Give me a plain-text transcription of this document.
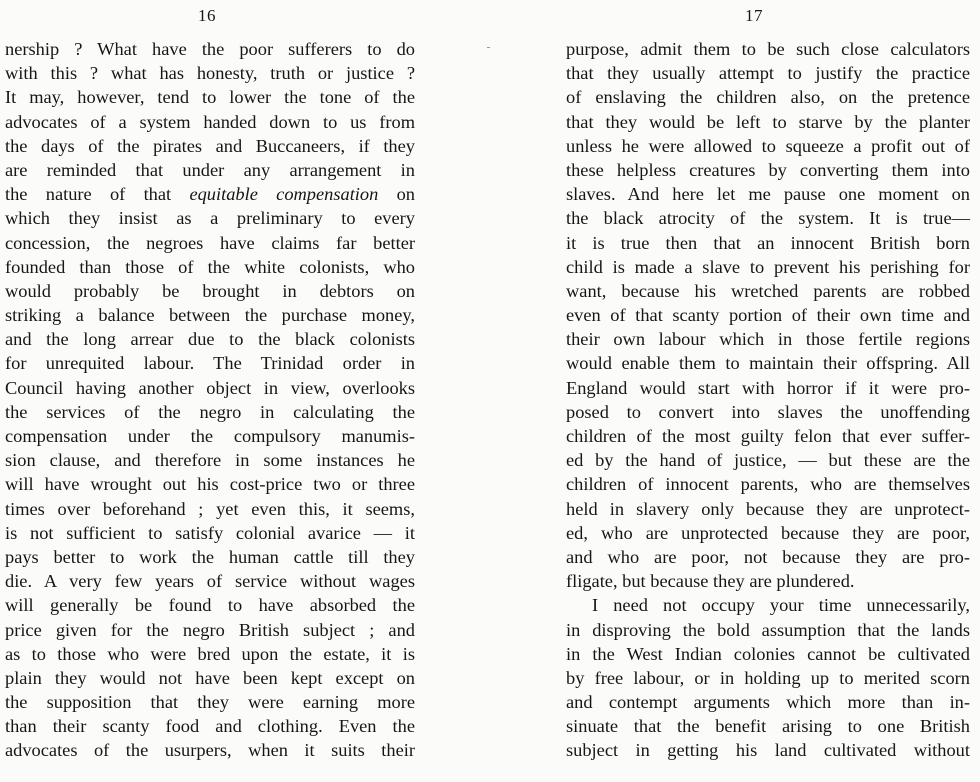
16
nership ? What have the poor sufferers to do
with this ? what has honesty, truth or justice ?
It may, however, tend to lower the tone of the
advocates of a system handed down to us from
the days of the pirates and Buccaneers, if they
are reminded that under any arrangement in
the nature of that equitable compensation on
which they insist as a preliminary to every
concession, the negroes have claims far better
founded than those of the white colonists, who
would probably be brought in debtors on
striking a balance between the purchase money,
and the long arrear due to the black colonists
for unrequited labour. The Trinidad order in
Council having another object in view, overlooks
the services of the negro in calculating the
compensation under the compulsory manumis-
sion clause, and therefore in some instances he
will have wrought out his cost-price two or three
times over beforehand ; yet even this, it seems,
is not sufficient to satisfy colonial avarice — it
pays better to work the human cattle till they
die. A very few years of service without wages
will generally be found to have absorbed the
price given for the negro British subject ; and
as to those who were bred upon the estate, it is
plain they would not have been kept except on
the supposition that they were earning more
than their scanty food and clothing. Even the
advocates of the usurpers, when it suits their
17
purpose, admit them to be such close calculators
that they usually attempt to justify the practice
of enslaving the children also, on the pretence
that they would be left to starve by the planter
unless he were allowed to squeeze a profit out of
these helpless creatures by converting them into
slaves. And here let me pause one moment on
the black atrocity of the system. It is true—
it is true then that an innocent British born
child is made a slave to prevent his perishing for
want, because his wretched parents are robbed
even of that scanty portion of their own time and
their own labour which in those fertile regions
would enable them to maintain their offspring. All
England would start with horror if it were pro-
posed to convert into slaves the unoffending
children of the most guilty felon that ever suffer-
ed by the hand of justice, — but these are the
children of innocent parents, who are themselves
held in slavery only because they are unprotect-
ed, who are unprotected because they are poor,
and who are poor, not because they are pro-
fligate, but because they are plundered.
I need not occupy your time unnecessarily,
in disproving the bold assumption that the lands
in the West Indian colonies cannot be cultivated
by free labour, or in holding up to merited scorn
and contempt arguments which more than in-
sinuate that the benefit arising to one British
subject in getting his land cultivated without
